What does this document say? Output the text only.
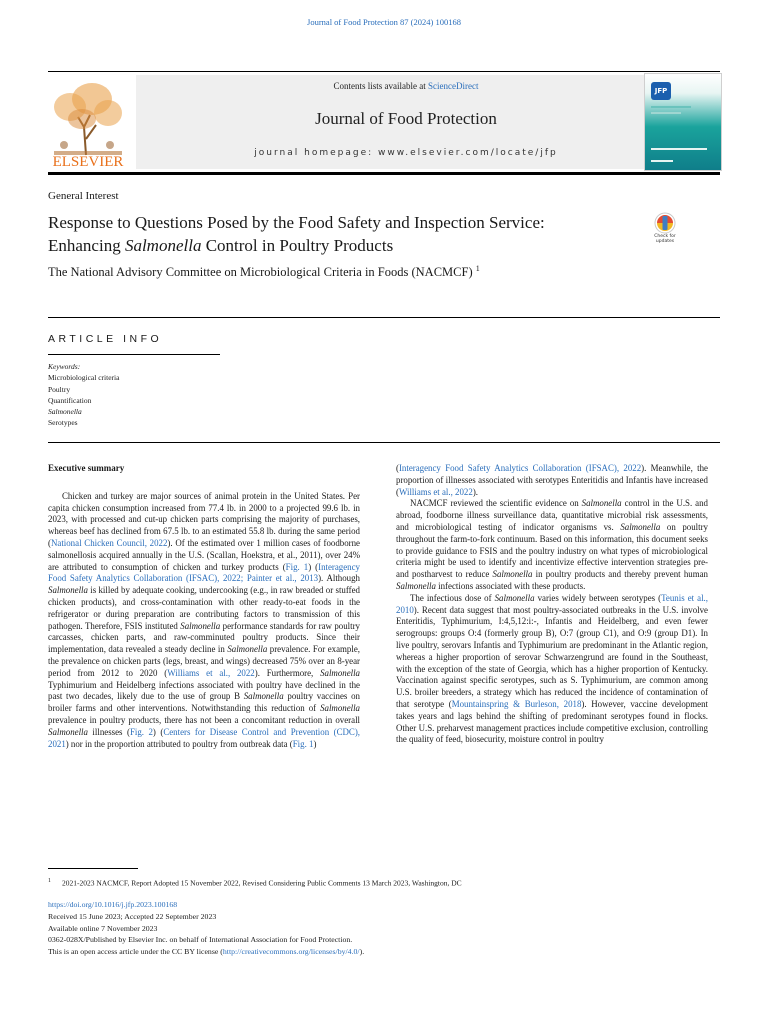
Journal of Food Protection 87 (2024) 100168
ELSEVIER
Contents lists available at ScienceDirect
Journal of Food Protection
journal homepage: www.elsevier.com/locate/jfp
JFP
General Interest
Response to Questions Posed by the Food Safety and Inspection Service:
Enhancing Salmonella Control in Poultry Products	Check for
updates
The National Advisory Committee on Microbiological Criteria in Foods (NACMCF) $^1$
ARTICLE INFO
Keywords:
Microbiological criteria
Poultry
Quantification
Salmonella
Serotypes
Executive summary

Chicken and turkey are major sources of animal protein in the United States. Per capita chicken consumption increased from 77.4 lb. in 2000 to a projected 99.6 lb. in 2023, with processed and cut-up chicken parts comprising the majority of purchases, whereas beef has declined from 67.5 lb. to an estimated 55.8 lb. during the same period (National Chicken Council, 2022). Of the estimated over 1 million cases of foodborne salmonellosis acquired annually in the U.S. (Scallan, Hoekstra, et al., 2011), over 24% are attributed to consumption of chicken and turkey products (Fig. 1) (Interagency Food Safety Analytics Collaboration (IFSAC), 2022; Painter et al., 2013). Although Salmonella is killed by adequate cooking, undercooking (e.g., in raw breaded or stuffed chicken products), and cross-contamination with other ready-to-eat foods in the refrigerator or during preparation are contributing factors to transmission of this pathogen. Therefore, FSIS instituted Salmonella performance standards for raw poultry carcasses, chicken parts, and raw-comminuted poultry products. Since their implementation, data revealed a steady decline in Salmonella prevalence. For example, the prevalence on chicken parts (legs, breast, and wings) decreased 75% over an 8-year period from 2012 to 2020 (Williams et al., 2022). Furthermore, Salmonella Typhimurium and Heidelberg infections associated with poultry have declined in the past two decades, likely due to the use of group B Salmonella poultry vaccines on broiler farms and other interventions. Notwithstanding this reduction of Salmonella prevalence in poultry products, there has not been a concomitant reduction in overall Salmonella illnesses (Fig. 2) (Centers for Disease Control and Prevention (CDC), 2021) nor in the proportion attributed to poultry from outbreak data (Fig. 1)

(Interagency Food Safety Analytics Collaboration (IFSAC), 2022). Meanwhile, the proportion of illnesses associated with serotypes Enteritidis and Infantis have increased (Williams et al., 2022).

NACMCF reviewed the scientific evidence on Salmonella control in the U.S. and abroad, foodborne illness surveillance data, quantitative microbial risk assessments, and microbiological testing of indicator organisms vs. Salmonella on poultry throughout the farm-to-fork continuum. Based on this information, this document seeks to provide guidance to FSIS and the poultry industry on what types of microbiological criteria might be used to identify and incentivize effective intervention strategies pre- and postharvest to reduce Salmonella in poultry products and thereby prevent human Salmonella infections associated with these products.

The infectious dose of Salmonella varies widely between serotypes (Teunis et al., 2010). Recent data suggest that most poultry-associated outbreaks in the U.S. involve Enteritidis, Typhimurium, I:4,5,12:i:-, Infantis and Heidelberg, and even fewer serogroups: groups O:4 (formerly group B), O:7 (group C1), and O:9 (group D1). In live poultry, serovars Infantis and Typhimurium are predominant in the Atlantic region, whereas a higher proportion of serovar Schwarzengrund are found in the Southeast, with the exception of the state of Georgia, which has a higher proportion of Kentucky. Vaccination against specific serotypes, such as S. Typhimurium, are common among U.S. broiler breeders, a strategy which has reduced the incidence of contamination of that serotype (Mountainspring & Burleson, 2018). However, vaccine development takes years and lags behind the shifting of predominant serotypes found in flocks. Other U.S. preharvest management practices include competitive exclusion, controlling the quality of feed, biosecurity, moisture control in poultry

1 2021-2023 NACMCF, Report Adopted 15 November 2022, Revised Considering Public Comments 13 March 2023, Washington, DC
https://doi.org/10.1016/j.jfp.2023.100168
Received 15 June 2023; Accepted 22 September 2023
Available online 7 November 2023
0362-028X/Published by Elsevier Inc. on behalf of International Association for Food Protection.
This is an open access article under the CC BY license (http://creativecommons.org/licenses/by/4.0/).
